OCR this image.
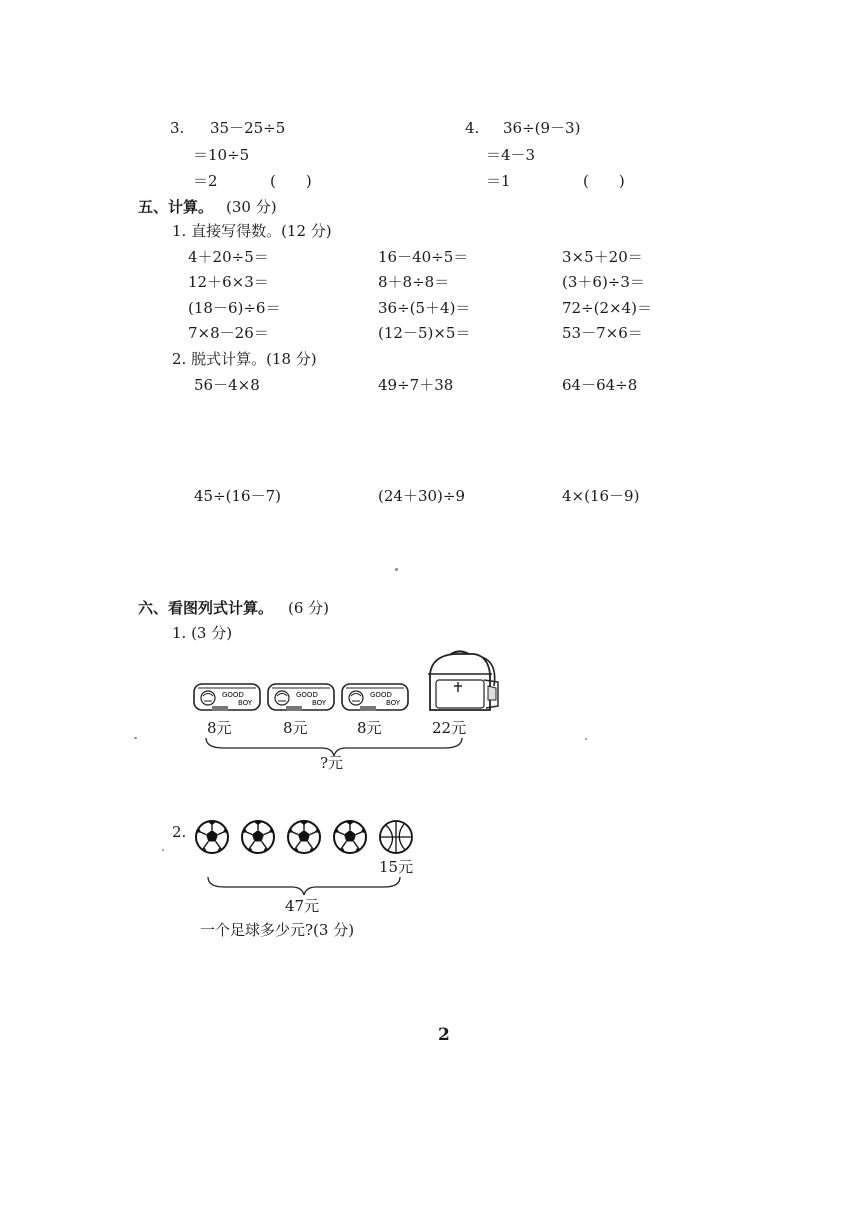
3. 35－25÷5
＝10÷5
＝2	(　　)
4. 36÷(9－3)
＝4－3
＝1	(　　)
五、计算。 (30 分)
1. 直接写得数。(12 分)
4＋20÷5＝	16－40÷5＝	3×5＋20＝
12＋6×3＝	8＋8÷8＝	(3＋6)÷3＝
(18－6)÷6＝	36÷(5＋4)＝	72÷(2×4)＝
7×8－26＝	(12－5)×5＝	53－7×6＝
2. 脱式计算。(18 分)
56－4×8	49÷7＋38	64－64÷8
45÷(16－7)	(24＋30)÷9	4×(16－9)
六、看图列式计算。 (6 分)
1. (3 分)
GOOD
BOY
GOOD
BOY
GOOD
BOY
8元	8元	8元	22元
?元
2.
15元
47元
一个足球多少元?(3 分)
2
